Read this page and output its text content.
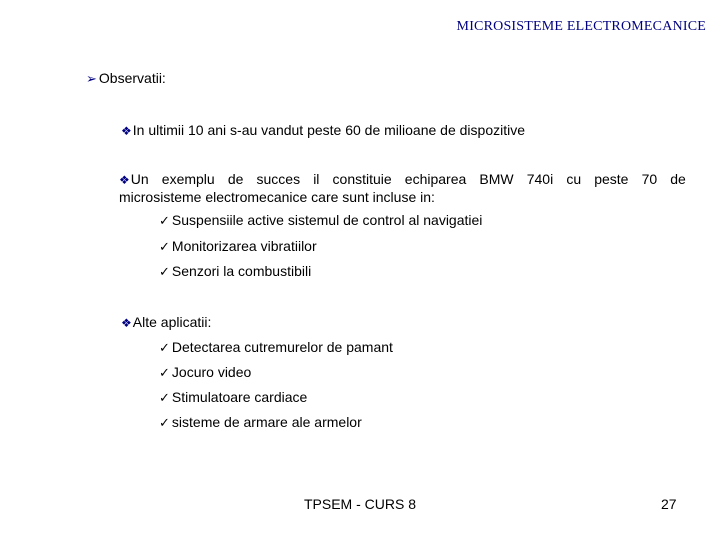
MICROSISTEME ELECTROMECANICE
➢ Observatii:
❖In ultimii 10 ani s-au vandut peste 60 de milioane de dispozitive
❖Un exemplu de succes il constituie echiparea BMW 740i cu peste 70 de
microsisteme electromecanice care sunt incluse in:
✓ Suspensiile active sistemul de control al navigatiei
✓ Monitorizarea vibratiilor
✓ Senzori la combustibili
❖Alte aplicatii:
✓ Detectarea cutremurelor de pamant
✓ Jocuro video
✓ Stimulatoare cardiace
✓ sisteme de armare ale armelor
TPSEM - CURS 8	27
